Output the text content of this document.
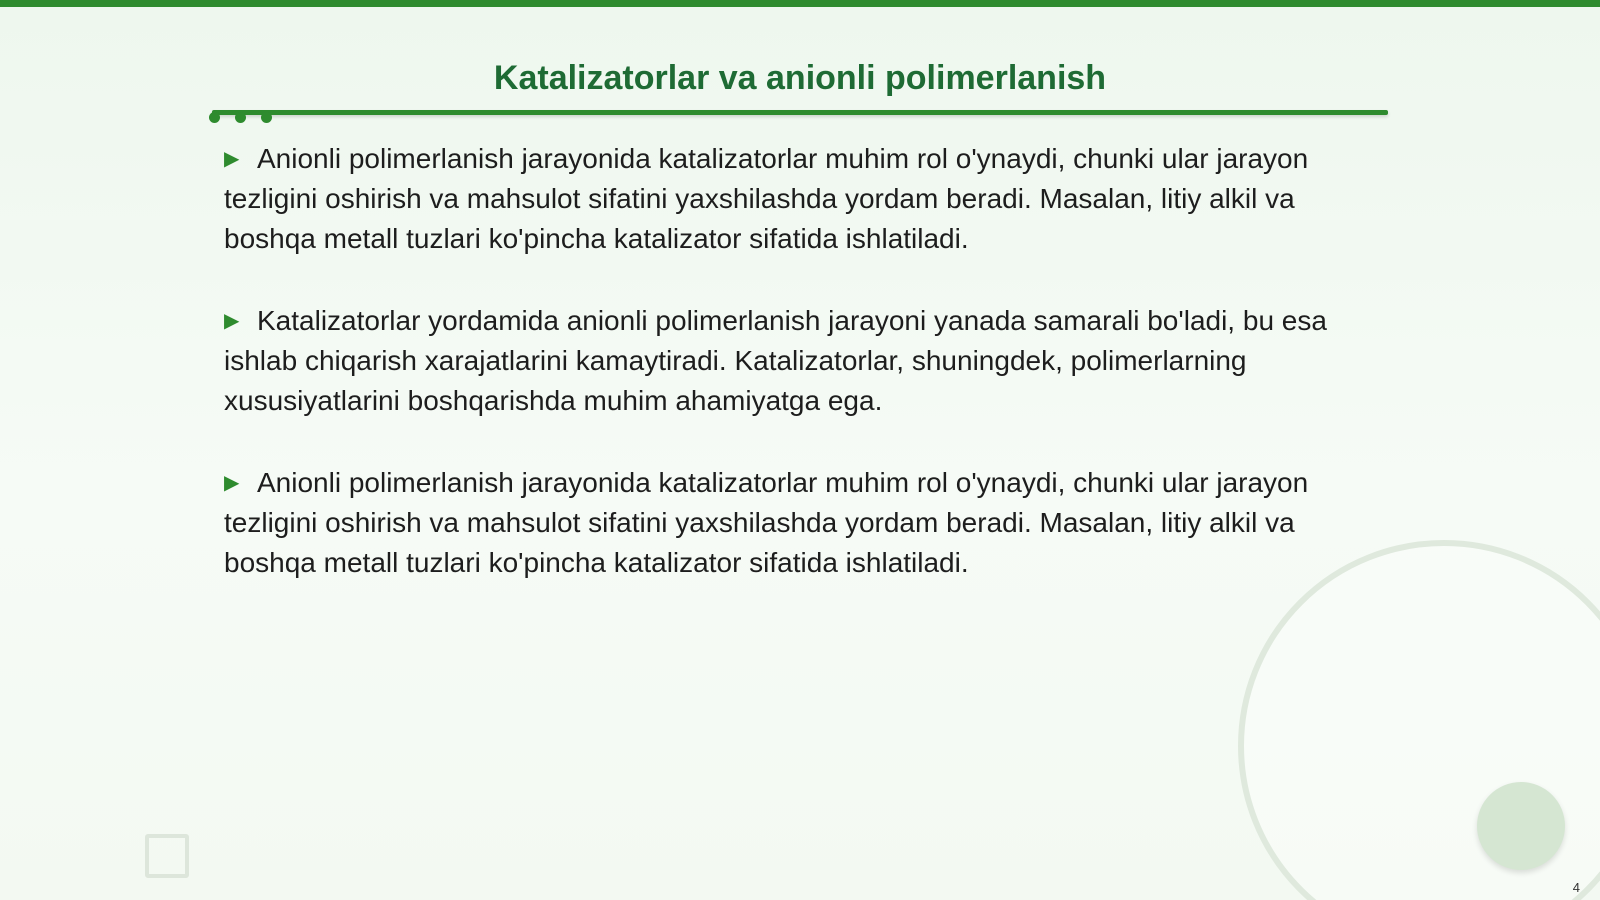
Katalizatorlar va anionli polimerlanish

▶ Anionli polimerlanish jarayonida katalizatorlar muhim rol o'ynaydi, chunki ular jarayon tezligini oshirish va mahsulot sifatini yaxshilashda yordam beradi. Masalan, litiy alkil va boshqa metall tuzlari ko'pincha katalizator sifatida ishlatiladi.

▶ Katalizatorlar yordamida anionli polimerlanish jarayoni yanada samarali bo'ladi, bu esa ishlab chiqarish xarajatlarini kamaytiradi. Katalizatorlar, shuningdek, polimerlarning xususiyatlarini boshqarishda muhim ahamiyatga ega.

▶ Anionli polimerlanish jarayonida katalizatorlar muhim rol o'ynaydi, chunki ular jarayon tezligini oshirish va mahsulot sifatini yaxshilashda yordam beradi. Masalan, litiy alkil va boshqa metall tuzlari ko'pincha katalizator sifatida ishlatiladi.

4
